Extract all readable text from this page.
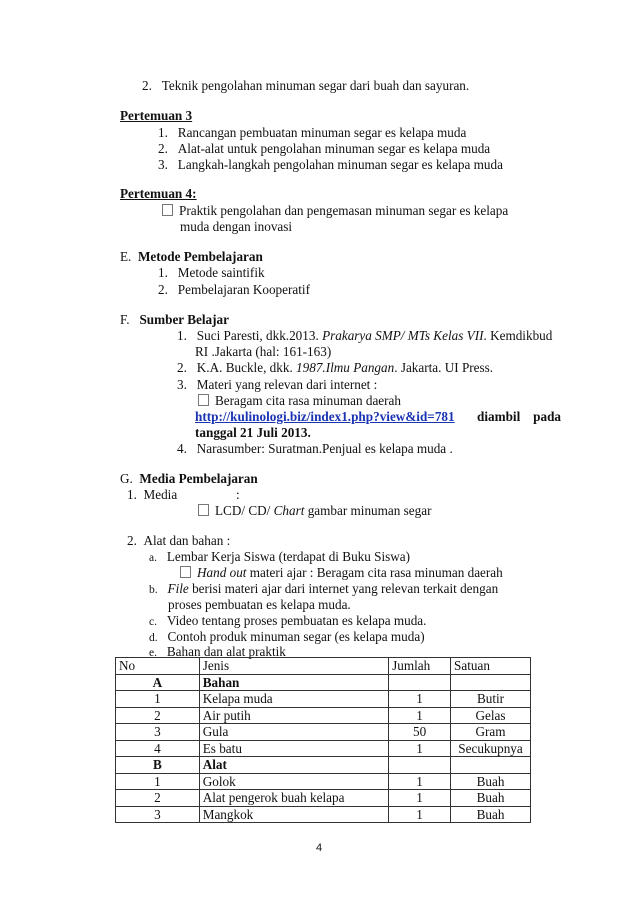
2. Teknik pengolahan minuman segar dari buah dan sayuran.
Pertemuan 3
1. Rancangan pembuatan minuman segar es kelapa muda
2. Alat-alat untuk pengolahan minuman segar es kelapa muda
3. Langkah-langkah pengolahan minuman segar es kelapa muda
Pertemuan 4:
Praktik pengolahan dan pengemasan minuman segar es kelapa
muda dengan inovasi
E. Metode Pembelajaran
1. Metode saintifik
2. Pembelajaran Kooperatif
F. Sumber Belajar
1. Suci Paresti, dkk.2013. Prakarya SMP/ MTs Kelas VII. Kemdikbud
RI .Jakarta (hal: 161-163)
2. K.A. Buckle, dkk. 1987.Ilmu Pangan. Jakarta. UI Press.
3. Materi yang relevan dari internet :
Beragam cita rasa minuman daerah
http://kulinologi.biz/index1.php?view&id=781 diambil pada
tanggal 21 Juli 2013.
4. Narasumber: Suratman.Penjual es kelapa muda .
G. Media Pembelajaran
1. Media	:
LCD/ CD/ Chart gambar minuman segar
2. Alat dan bahan :
a. Lembar Kerja Siswa (terdapat di Buku Siswa)
Hand out materi ajar : Beragam cita rasa minuman daerah
b. File berisi materi ajar dari internet yang relevan terkait dengan
proses pembuatan es kelapa muda.
c. Video tentang proses pembuatan es kelapa muda.
d. Contoh produk minuman segar (es kelapa muda)
e. Bahan dan alat praktik
No	Jenis	Jumlah	Satuan
A	Bahan		
1	Kelapa muda	1	Butir
2	Air putih	1	Gelas
3	Gula	50	Gram
4	Es batu	1	Secukupnya
B	Alat		
1	Golok	1	Buah
2	Alat pengerok buah kelapa	1	Buah
3	Mangkok	1	Buah
4
